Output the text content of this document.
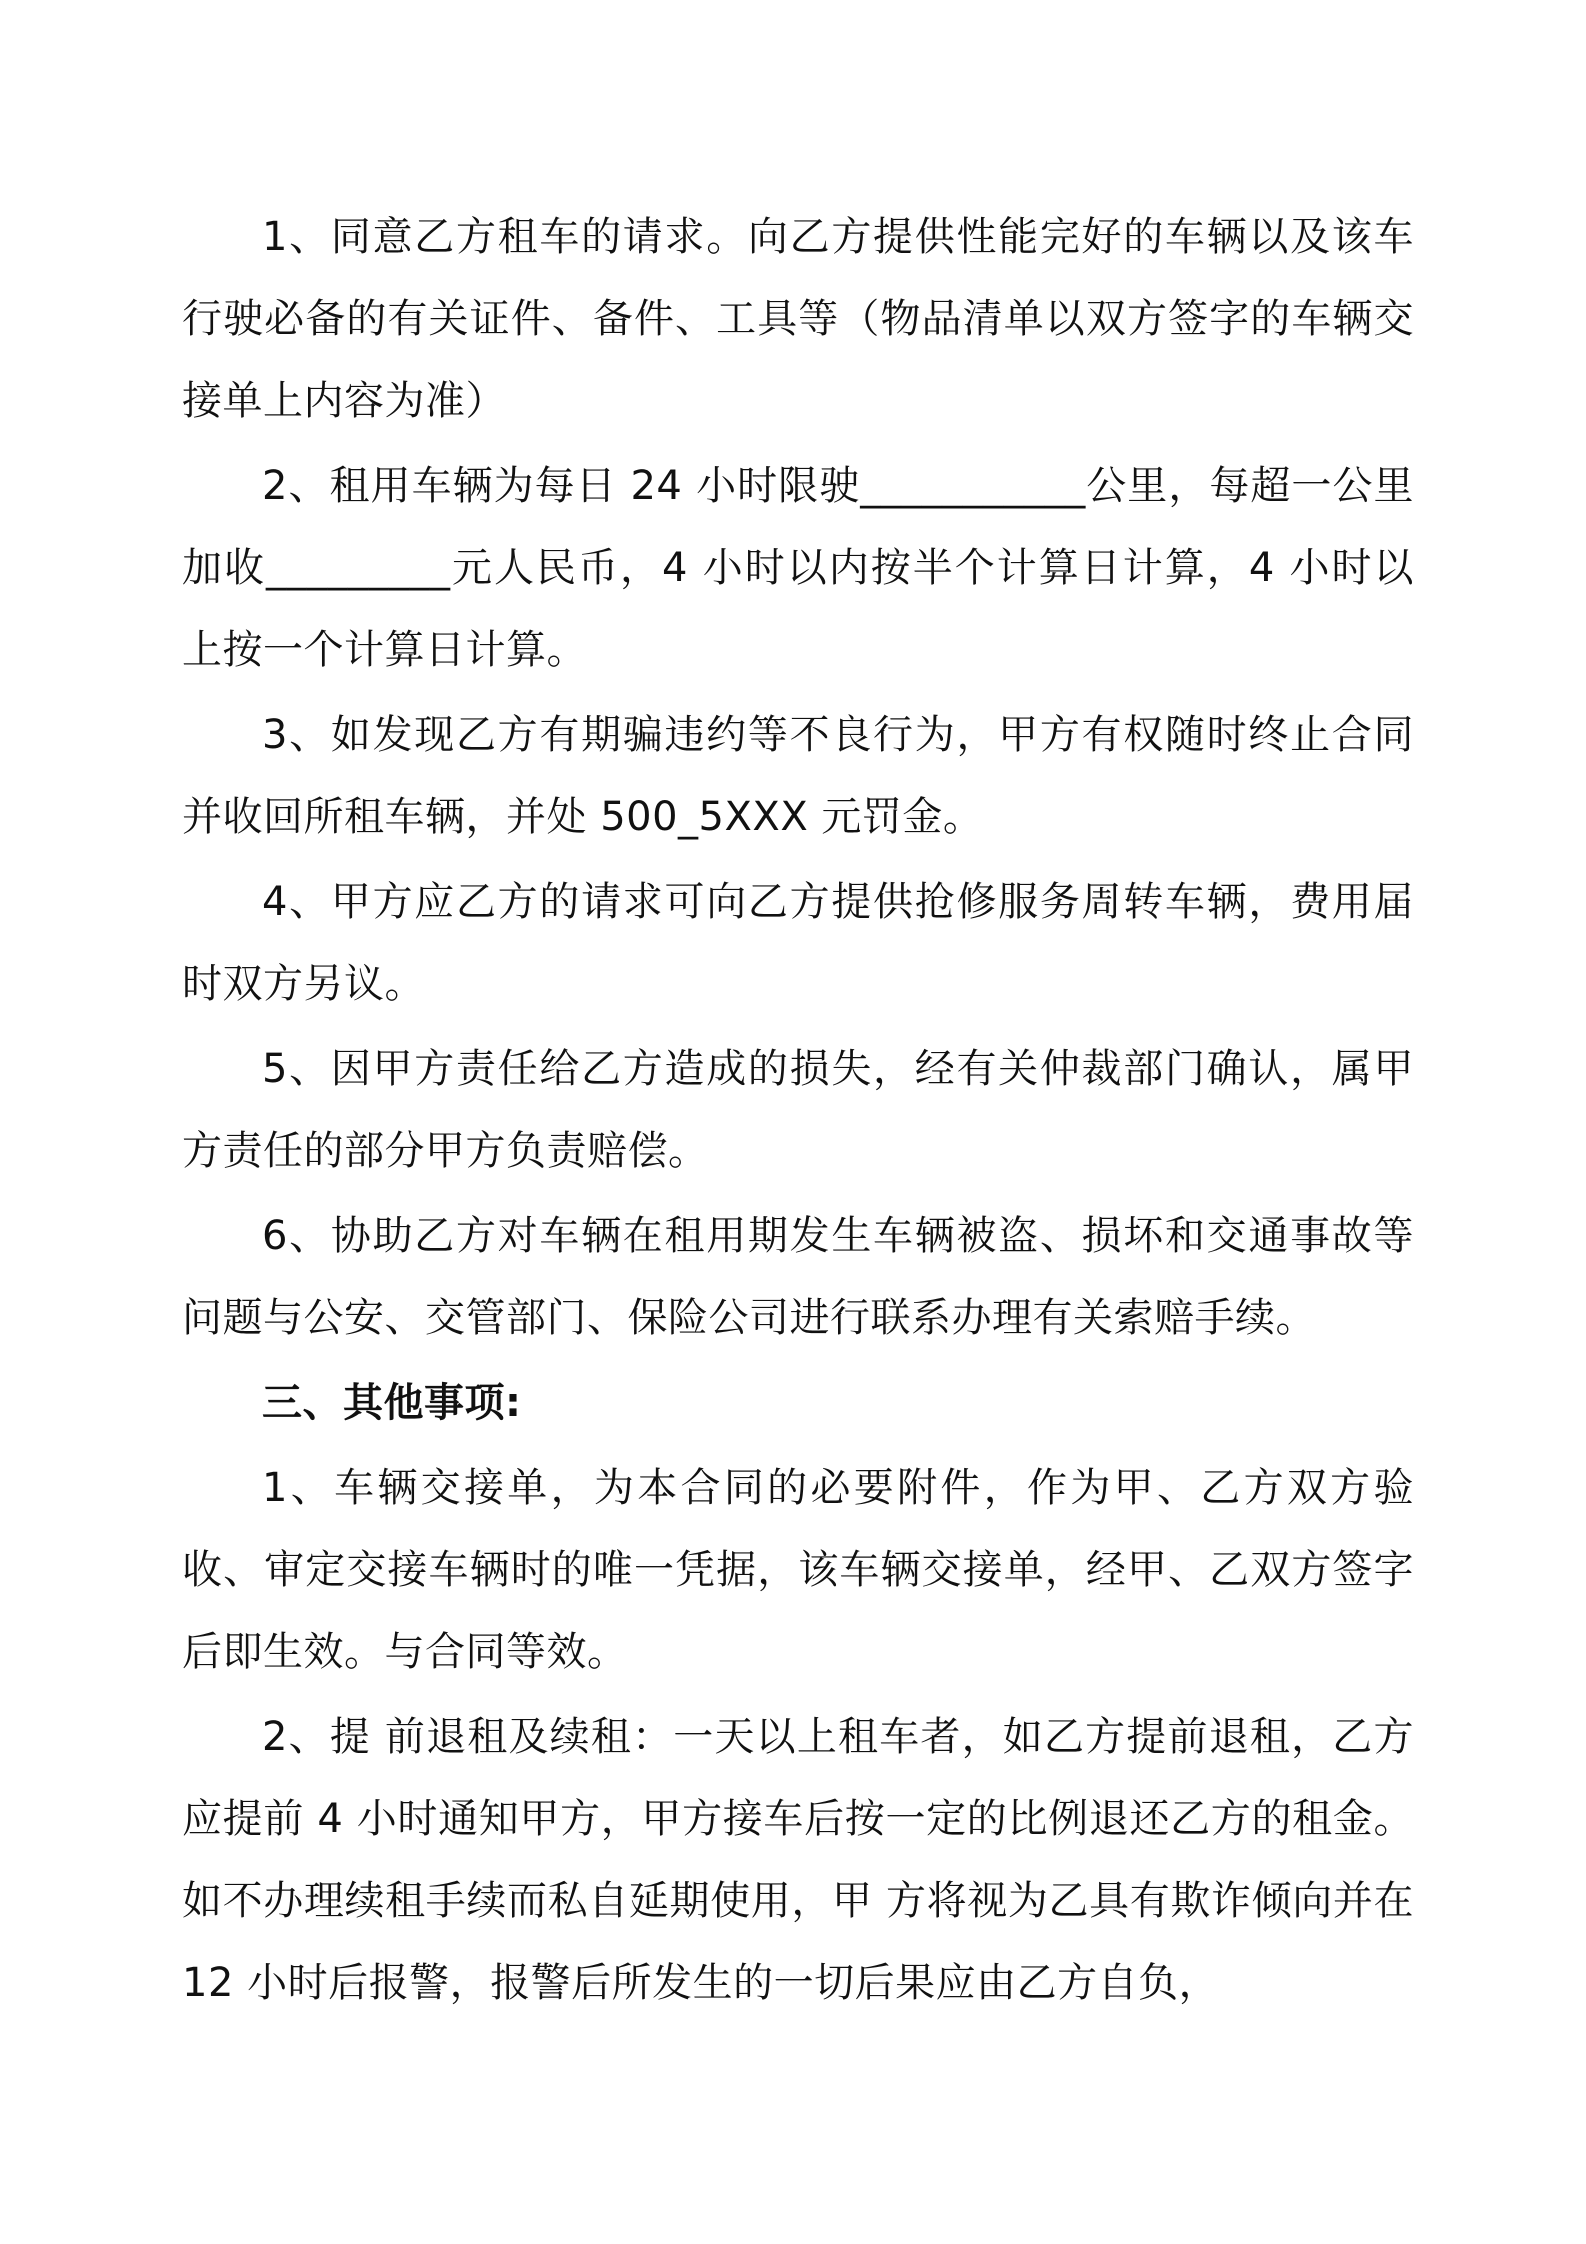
1、同意乙方租车的请求。向乙方提供性能完好的车辆以及该车行驶必备的有关证件、备件、工具等（物品清单以双方签字的车辆交接单上内容为准）

2、租用车辆为每日 24 小时限驶___________公里，每超一公里加收_________元人民币，4 小时以内按半个计算日计算，4 小时以上按一个计算日计算。

3、如发现乙方有期骗违约等不良行为，甲方有权随时终止合同并收回所租车辆，并处 500_5XXX 元罚金。

4、甲方应乙方的请求可向乙方提供抢修服务周转车辆，费用届时双方另议。

5、因甲方责任给乙方造成的损失，经有关仲裁部门确认，属甲方责任的部分甲方负责赔偿。

6、协助乙方对车辆在租用期发生车辆被盗、损坏和交通事故等问题与公安、交管部门、保险公司进行联系办理有关索赔手续。

三、其他事项:

1、车辆交接单，为本合同的必要附件，作为甲、乙方双方验收、审定交接车辆时的唯一凭据，该车辆交接单，经甲、乙双方签字后即生效。与合同等效。

2、提 前退租及续租：一天以上租车者，如乙方提前退租，乙方应提前 4 小时通知甲方，甲方接车后按一定的比例退还乙方的租金。如不办理续租手续而私自延期使用，甲 方将视为乙具有欺诈倾向并在 12 小时后报警，报警后所发生的一切后果应由乙方自负，
